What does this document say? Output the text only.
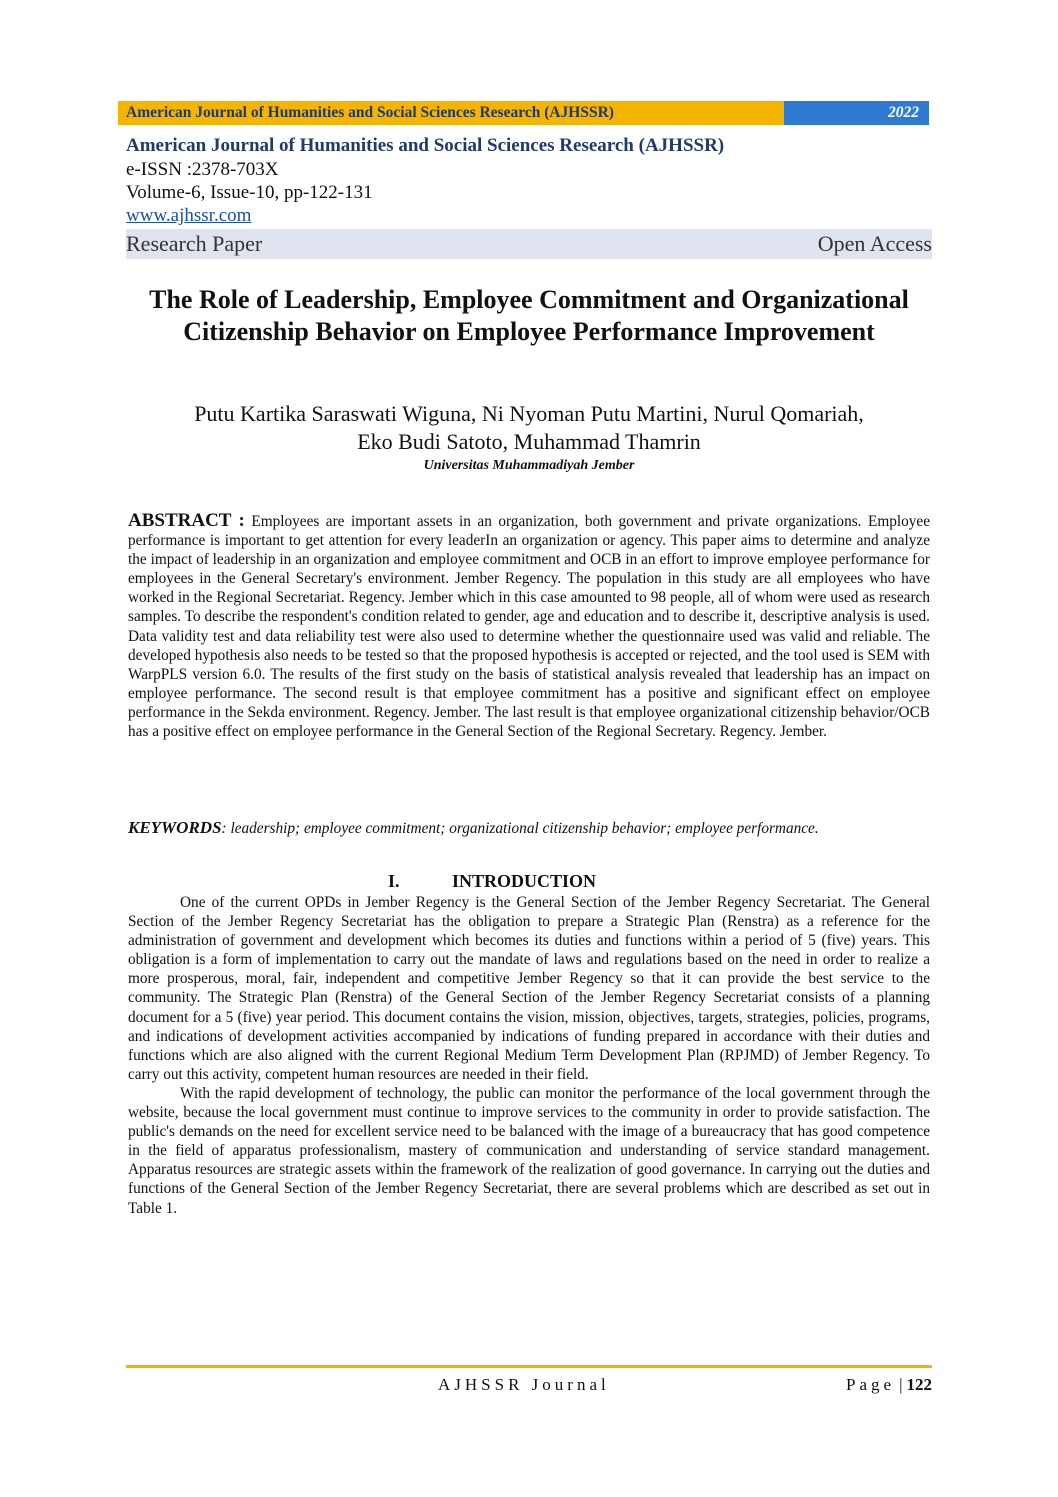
American Journal of Humanities and Social Sciences Research (AJHSSR)	2022
American Journal of Humanities and Social Sciences Research (AJHSSR)
e-ISSN :2378-703X
Volume-6, Issue-10, pp-122-131
www.ajhssr.com
Research Paper	Open Access
The Role of Leadership, Employee Commitment and Organizational Citizenship Behavior on Employee Performance Improvement
Putu Kartika Saraswati Wiguna, Ni Nyoman Putu Martini, Nurul Qomariah,
Eko Budi Satoto, Muhammad Thamrin
Universitas Muhammadiyah Jember
ABSTRACT : Employees are important assets in an organization, both government and private organizations. Employee performance is important to get attention for every leaderIn an organization or agency. This paper aims to determine and analyze the impact of leadership in an organization and employee commitment and OCB in an effort to improve employee performance for employees in the General Secretary's environment. Jember Regency. The population in this study are all employees who have worked in the Regional Secretariat. Regency. Jember which in this case amounted to 98 people, all of whom were used as research samples. To describe the respondent's condition related to gender, age and education and to describe it, descriptive analysis is used. Data validity test and data reliability test were also used to determine whether the questionnaire used was valid and reliable. The developed hypothesis also needs to be tested so that the proposed hypothesis is accepted or rejected, and the tool used is SEM with WarpPLS version 6.0. The results of the first study on the basis of statistical analysis revealed that leadership has an impact on employee performance. The second result is that employee commitment has a positive and significant effect on employee performance in the Sekda environment. Regency. Jember. The last result is that employee organizational citizenship behavior/OCB has a positive effect on employee performance in the General Section of the Regional Secretary. Regency. Jember.
KEYWORDS: leadership; employee commitment; organizational citizenship behavior; employee performance.
I.	INTRODUCTION

One of the current OPDs in Jember Regency is the General Section of the Jember Regency Secretariat. The General Section of the Jember Regency Secretariat has the obligation to prepare a Strategic Plan (Renstra) as a reference for the administration of government and development which becomes its duties and functions within a period of 5 (five) years. This obligation is a form of implementation to carry out the mandate of laws and regulations based on the need in order to realize a more prosperous, moral, fair, independent and competitive Jember Regency so that it can provide the best service to the community. The Strategic Plan (Renstra) of the General Section of the Jember Regency Secretariat consists of a planning document for a 5 (five) year period. This document contains the vision, mission, objectives, targets, strategies, policies, programs, and indications of development activities accompanied by indications of funding prepared in accordance with their duties and functions which are also aligned with the current Regional Medium Term Development Plan (RPJMD) of Jember Regency. To carry out this activity, competent human resources are needed in their field.

With the rapid development of technology, the public can monitor the performance of the local government through the website, because the local government must continue to improve services to the community in order to provide satisfaction. The public's demands on the need for excellent service need to be balanced with the image of a bureaucracy that has good competence in the field of apparatus professionalism, mastery of communication and understanding of service standard management. Apparatus resources are strategic assets within the framework of the realization of good governance. In carrying out the duties and functions of the General Section of the Jember Regency Secretariat, there are several problems which are described as set out in Table 1.

AJHSSR Journal	Page | 122
